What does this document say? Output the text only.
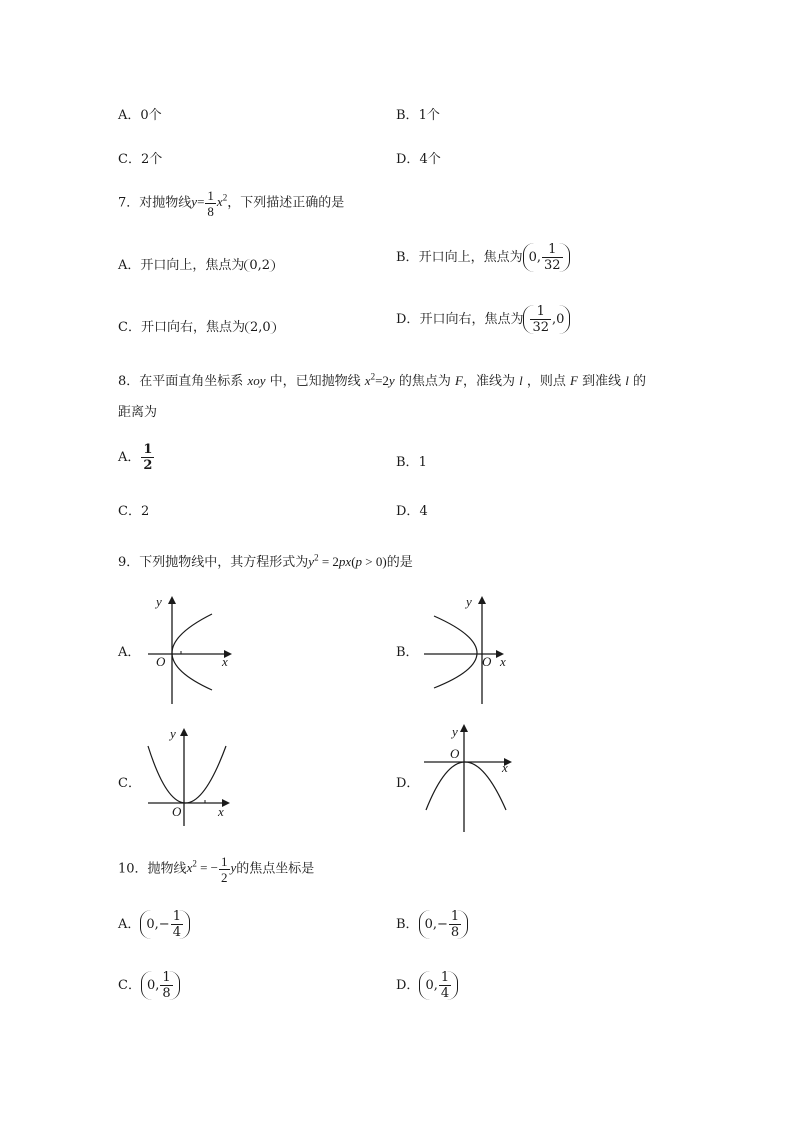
A．0个	B．1个
C．2个	D．4个
7．对抛物线$y= \frac{1}{8} x^2$，下列描述正确的是
A．开口向上，焦点为 0,2
B．开口向上，焦点为 0, $\frac{1}{32}$
C．开口向右，焦点为 2,0
D．开口向右，焦点为 $\frac{1}{32} ,0$
8．在平面直角坐标系 xoy 中，已知抛物线 $x^2=2y$ 的焦点为 F，准线为 l ，则点 F 到准线 l 的
距离为
A． $\frac{1}{2}$	B．1
C．2	D．4
9．下列抛物线中，其方程形式为$y^2 = 2px(p > 0)$的是
A．
y
x
O
B．
y
x
O
C．
y
x
O
D．
y
x
O
10．抛物线$x^2$ = − $\frac{1}{2}$ y的焦点坐标是
A． $0,- \frac{1}{4}$	B． $0,- \frac{1}{8}$
C． 0, $\frac{1}{8}$	D． 0, $\frac{1}{4}$
